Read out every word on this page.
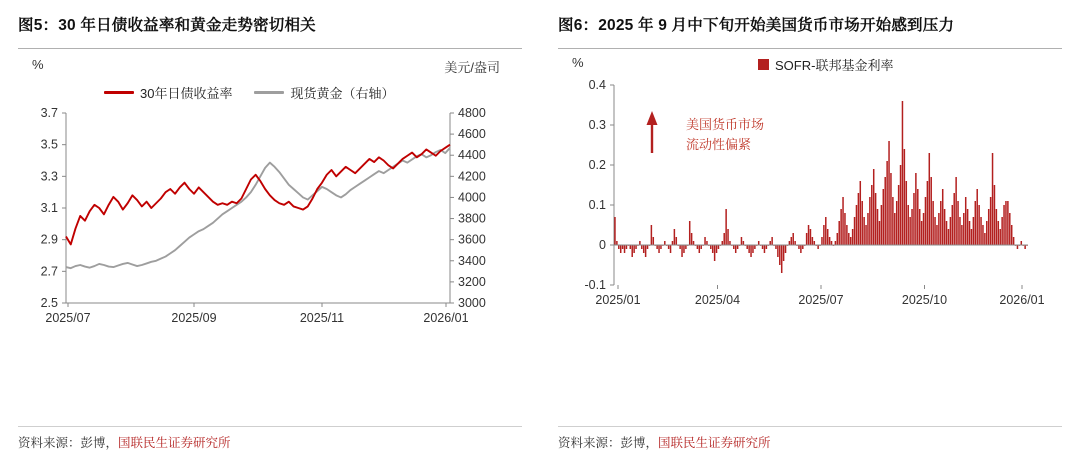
图5：30 年日债收益率和黄金走势密切相关
%	美元/盎司
30年日债收益率	现货黄金（右轴）
2.5
2.7
2.9
3.1
3.3
3.5
3.7
3000
3200
3400
3600
3800
4000
4200
4400
4600
4800
2025/07	2025/09	2025/11	2026/01
资料来源：彭博，国联民生证券研究所
图6：2025 年 9 月中下旬开始美国货币市场开始感到压力
%	SOFR-联邦基金利率
美国货币市场
流动性偏紧
-0.1
0
0.1
0.2
0.3
0.4
2025/01	2025/04	2025/07	2025/10	2026/01
资料来源：彭博，国联民生证券研究所
